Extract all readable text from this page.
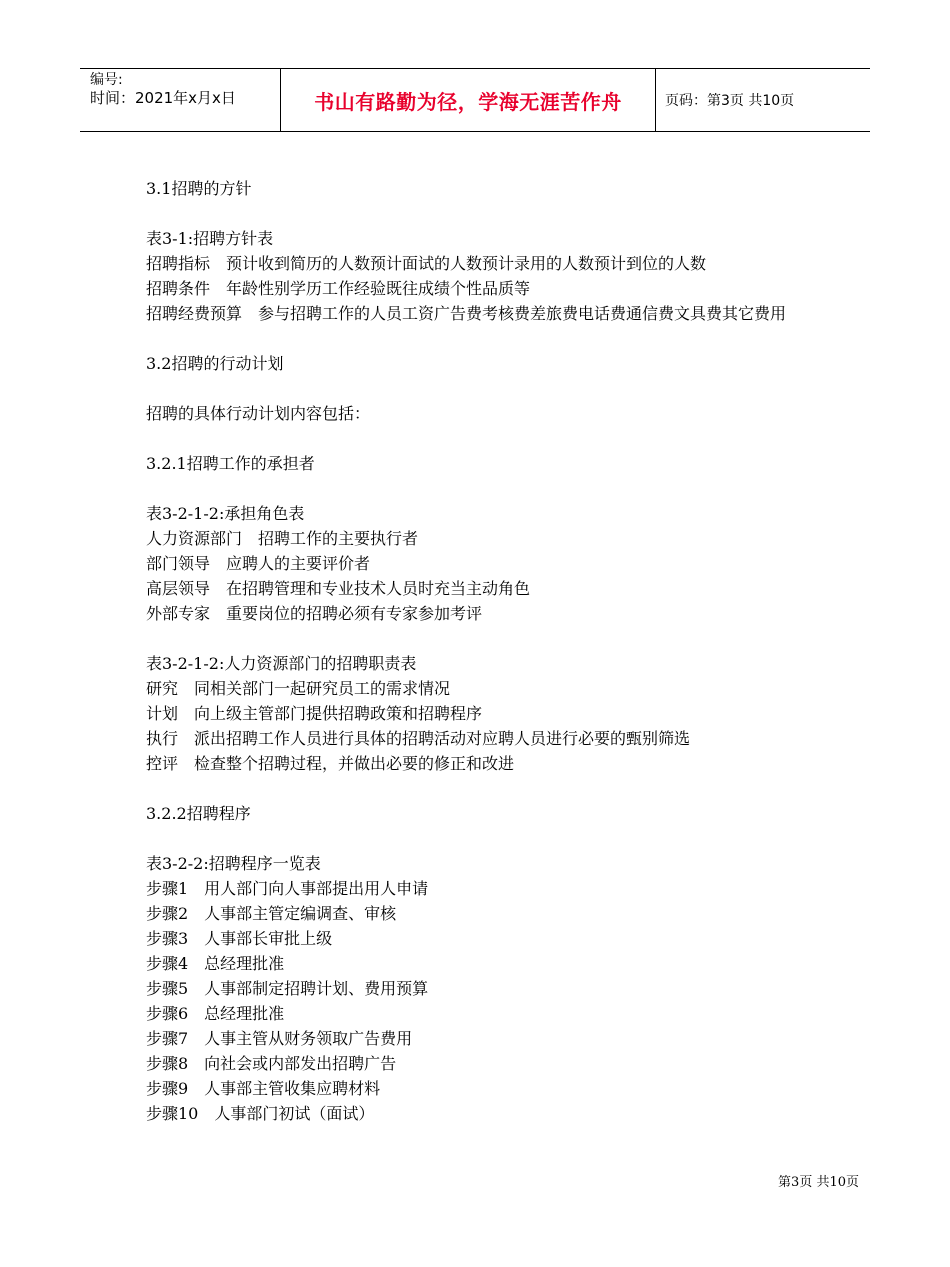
编号:
时间：2021年x月x日	书山有路勤为径，学海无涯苦作舟	页码：第3页 共10页
3.1招聘的方针
表3-1:招聘方针表
招聘指标　预计收到简历的人数预计面试的人数预计录用的人数预计到位的人数
招聘条件　年龄性别学历工作经验既往成绩个性品质等
招聘经费预算　参与招聘工作的人员工资广告费考核费差旅费电话费通信费文具费其它费用
3.2招聘的行动计划
招聘的具体行动计划内容包括：
3.2.1招聘工作的承担者
表3-2-1-2:承担角色表
人力资源部门　招聘工作的主要执行者
部门领导　应聘人的主要评价者
高层领导　在招聘管理和专业技术人员时充当主动角色
外部专家　重要岗位的招聘必须有专家参加考评
表3-2-1-2:人力资源部门的招聘职责表
研究　同相关部门一起研究员工的需求情况
计划　向上级主管部门提供招聘政策和招聘程序
执行　派出招聘工作人员进行具体的招聘活动对应聘人员进行必要的甄别筛选
控评　检查整个招聘过程，并做出必要的修正和改进
3.2.2招聘程序
表3-2-2:招聘程序一览表
步骤1　用人部门向人事部提出用人申请
步骤2　人事部主管定编调查、审核
步骤3　人事部长审批上级
步骤4　总经理批准
步骤5　人事部制定招聘计划、费用预算
步骤6　总经理批准
步骤7　人事主管从财务领取广告费用
步骤8　向社会或内部发出招聘广告
步骤9　人事部主管收集应聘材料
步骤10　人事部门初试（面试）
第3页 共10页
